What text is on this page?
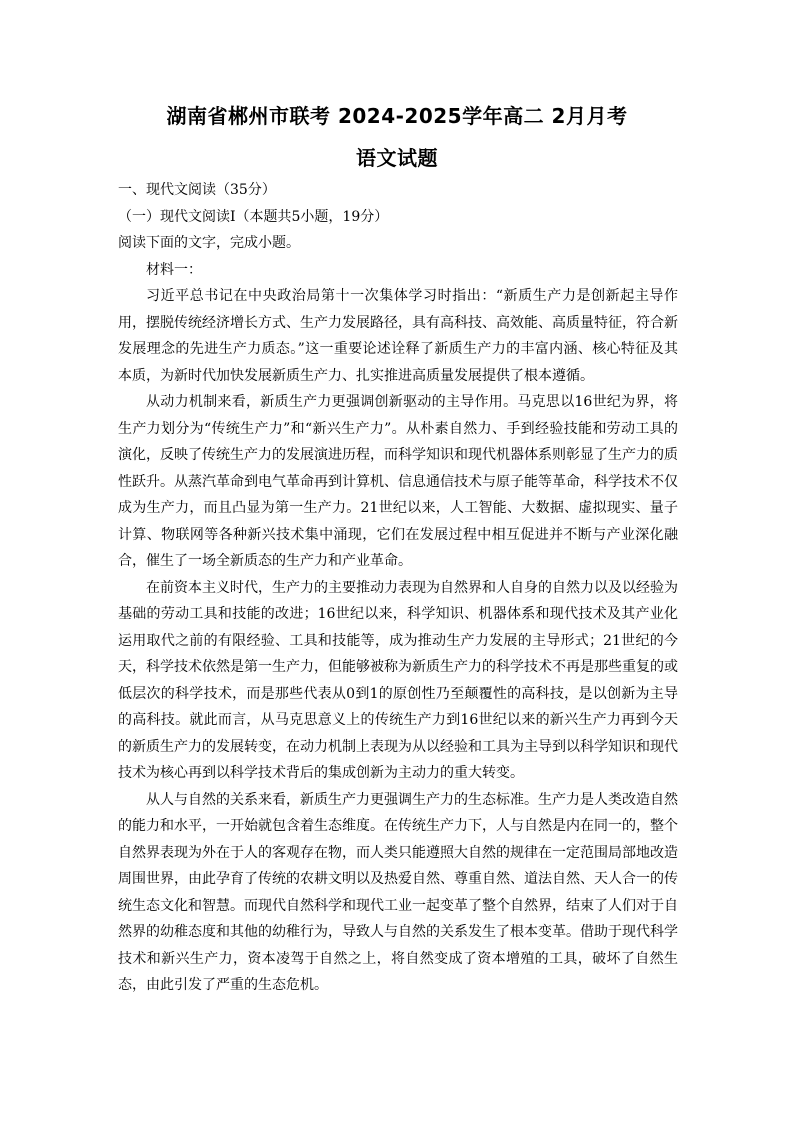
湖南省郴州市联考 2024-2025学年高二 2月月考
语文试题

一、现代文阅读（35分）

（一）现代文阅读Ⅰ（本题共5小题，19分）

阅读下面的文字，完成小题。

材料一：

习近平总书记在中央政治局第十一次集体学习时指出：“新质生产力是创新起主导作用，摆脱传统经济增长方式、生产力发展路径，具有高科技、高效能、高质量特征，符合新发展理念的先进生产力质态。”这一重要论述诠释了新质生产力的丰富内涵、核心特征及其本质，为新时代加快发展新质生产力、扎实推进高质量发展提供了根本遵循。

从动力机制来看，新质生产力更强调创新驱动的主导作用。马克思以16世纪为界，将生产力划分为“传统生产力”和“新兴生产力”。从朴素自然力、手到经验技能和劳动工具的演化，反映了传统生产力的发展演进历程，而科学知识和现代机器体系则彰显了生产力的质性跃升。从蒸汽革命到电气革命再到计算机、信息通信技术与原子能等革命，科学技术不仅成为生产力，而且凸显为第一生产力。21世纪以来，人工智能、大数据、虚拟现实、量子计算、物联网等各种新兴技术集中涌现，它们在发展过程中相互促进并不断与产业深化融合，催生了一场全新质态的生产力和产业革命。

在前资本主义时代，生产力的主要推动力表现为自然界和人自身的自然力以及以经验为基础的劳动工具和技能的改进；16世纪以来，科学知识、机器体系和现代技术及其产业化运用取代之前的有限经验、工具和技能等，成为推动生产力发展的主导形式；21世纪的今天，科学技术依然是第一生产力，但能够被称为新质生产力的科学技术不再是那些重复的或低层次的科学技术，而是那些代表从0到1的原创性乃至颠覆性的高科技，是以创新为主导的高科技。就此而言，从马克思意义上的传统生产力到16世纪以来的新兴生产力再到今天的新质生产力的发展转变，在动力机制上表现为从以经验和工具为主导到以科学知识和现代技术为核心再到以科学技术背后的集成创新为主动力的重大转变。

从人与自然的关系来看，新质生产力更强调生产力的生态标准。生产力是人类改造自然的能力和水平，一开始就包含着生态维度。在传统生产力下，人与自然是内在同一的，整个自然界表现为外在于人的客观存在物，而人类只能遵照大自然的规律在一定范围局部地改造周围世界，由此孕育了传统的农耕文明以及热爱自然、尊重自然、道法自然、天人合一的传统生态文化和智慧。而现代自然科学和现代工业一起变革了整个自然界，结束了人们对于自然界的幼稚态度和其他的幼稚行为，导致人与自然的关系发生了根本变革。借助于现代科学技术和新兴生产力，资本凌驾于自然之上，将自然变成了资本增殖的工具，破坏了自然生态，由此引发了严重的生态危机。
